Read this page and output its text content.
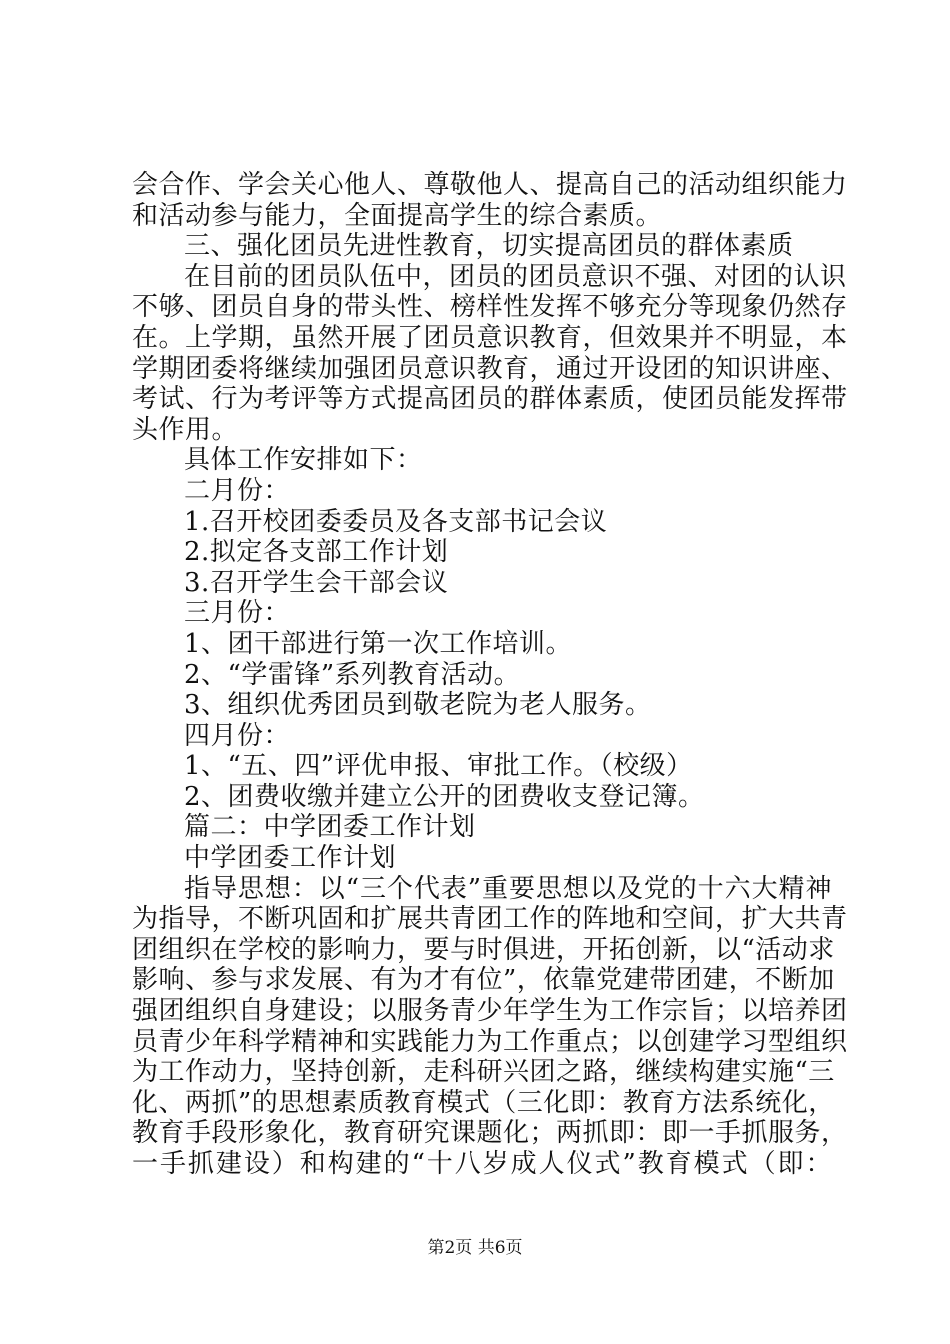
会合作、学会关心他人、尊敬他人、提高自己的活动组织能力
和活动参与能力，全面提高学生的综合素质。
三、强化团员先进性教育，切实提高团员的群体素质
在目前的团员队伍中，团员的团员意识不强、对团的认识
不够、团员自身的带头性、榜样性发挥不够充分等现象仍然存
在。上学期，虽然开展了团员意识教育，但效果并不明显，本
学期团委将继续加强团员意识教育，通过开设团的知识讲座、
考试、行为考评等方式提高团员的群体素质，使团员能发挥带
头作用。
具体工作安排如下：
二月份：
1.召开校团委委员及各支部书记会议
2.拟定各支部工作计划
3.召开学生会干部会议
三月份：
1、团干部进行第一次工作培训。
2、“学雷锋”系列教育活动。
3、组织优秀团员到敬老院为老人服务。
四月份：
1、“五、四”评优申报、审批工作。（校级）
2、团费收缴并建立公开的团费收支登记簿。
篇二：中学团委工作计划
中学团委工作计划
指导思想：以“三个代表”重要思想以及党的十六大精神
为指导，不断巩固和扩展共青团工作的阵地和空间，扩大共青
团组织在学校的影响力，要与时俱进，开拓创新，以“活动求
影响、参与求发展、有为才有位”，依靠党建带团建，不断加
强团组织自身建设；以服务青少年学生为工作宗旨；以培养团
员青少年科学精神和实践能力为工作重点；以创建学习型组织
为工作动力，坚持创新，走科研兴团之路，继续构建实施“三
化、两抓”的思想素质教育模式（三化即：教育方法系统化，
教育手段形象化，教育研究课题化；两抓即：即一手抓服务，
一手抓建设）和构建的“十八岁成人仪式”教育模式（即：
第2页 共6页
